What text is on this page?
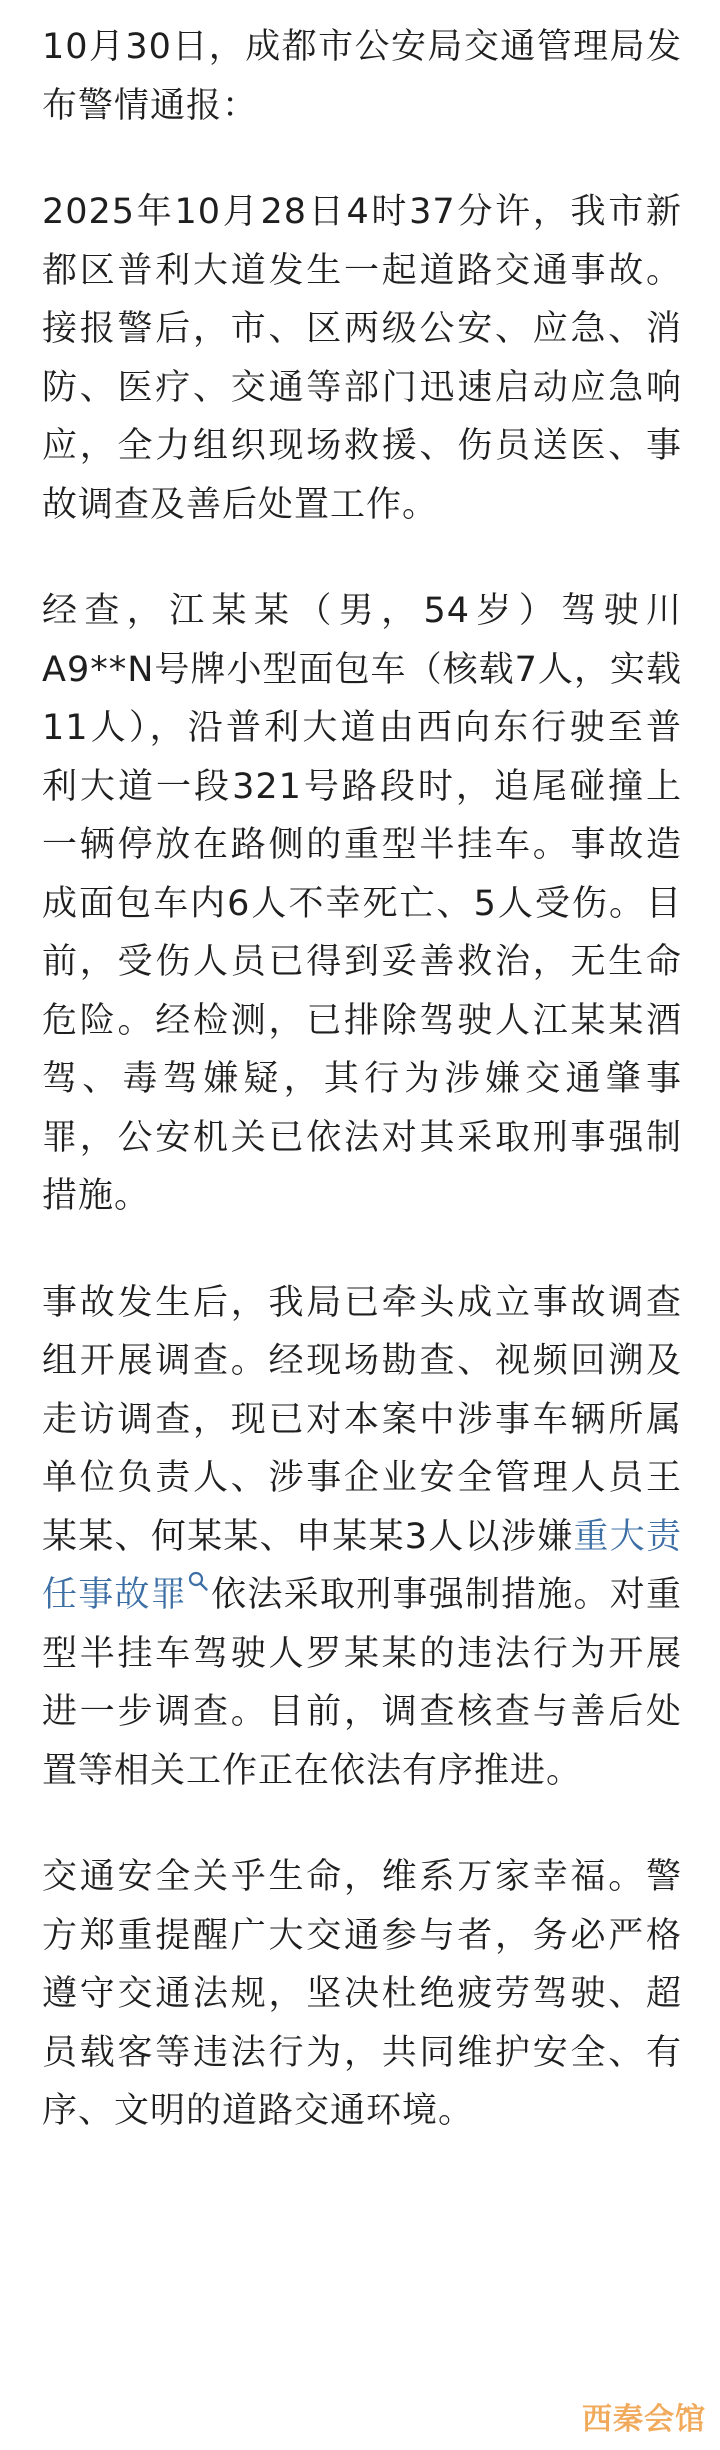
10月30日，成都市公安局交通管理局发布警情通报：

2025年10月28日4时37分许，我市新都区普利大道发生一起道路交通事故。接报警后，市、区两级公安、应急、消防、医疗、交通等部门迅速启动应急响应，全力组织现场救援、伤员送医、事故调查及善后处置工作。

经查，江某某（男，54岁）驾驶川A9**N号牌小型面包车（核载7人，实载11人），沿普利大道由西向东行驶至普利大道一段321号路段时，追尾碰撞上一辆停放在路侧的重型半挂车。事故造成面包车内6人不幸死亡、5人受伤。目前，受伤人员已得到妥善救治，无生命危险。经检测，已排除驾驶人江某某酒驾、毒驾嫌疑，其行为涉嫌交通肇事罪，公安机关已依法对其采取刑事强制措施。

事故发生后，我局已牵头成立事故调查组开展调查。经现场勘查、视频回溯及走访调查，现已对本案中涉事车辆所属单位负责人、涉事企业安全管理人员王某某、何某某、申某某3人以涉嫌重大责任事故罪 依法采取刑事强制措施。对重型半挂车驾驶人罗某某的违法行为开展进一步调查。目前，调查核查与善后处置等相关工作正在依法有序推进。

交通安全关乎生命，维系万家幸福。警方郑重提醒广大交通参与者，务必严格遵守交通法规，坚决杜绝疲劳驾驶、超员载客等违法行为，共同维护安全、有序、文明的道路交通环境。

西秦会馆
